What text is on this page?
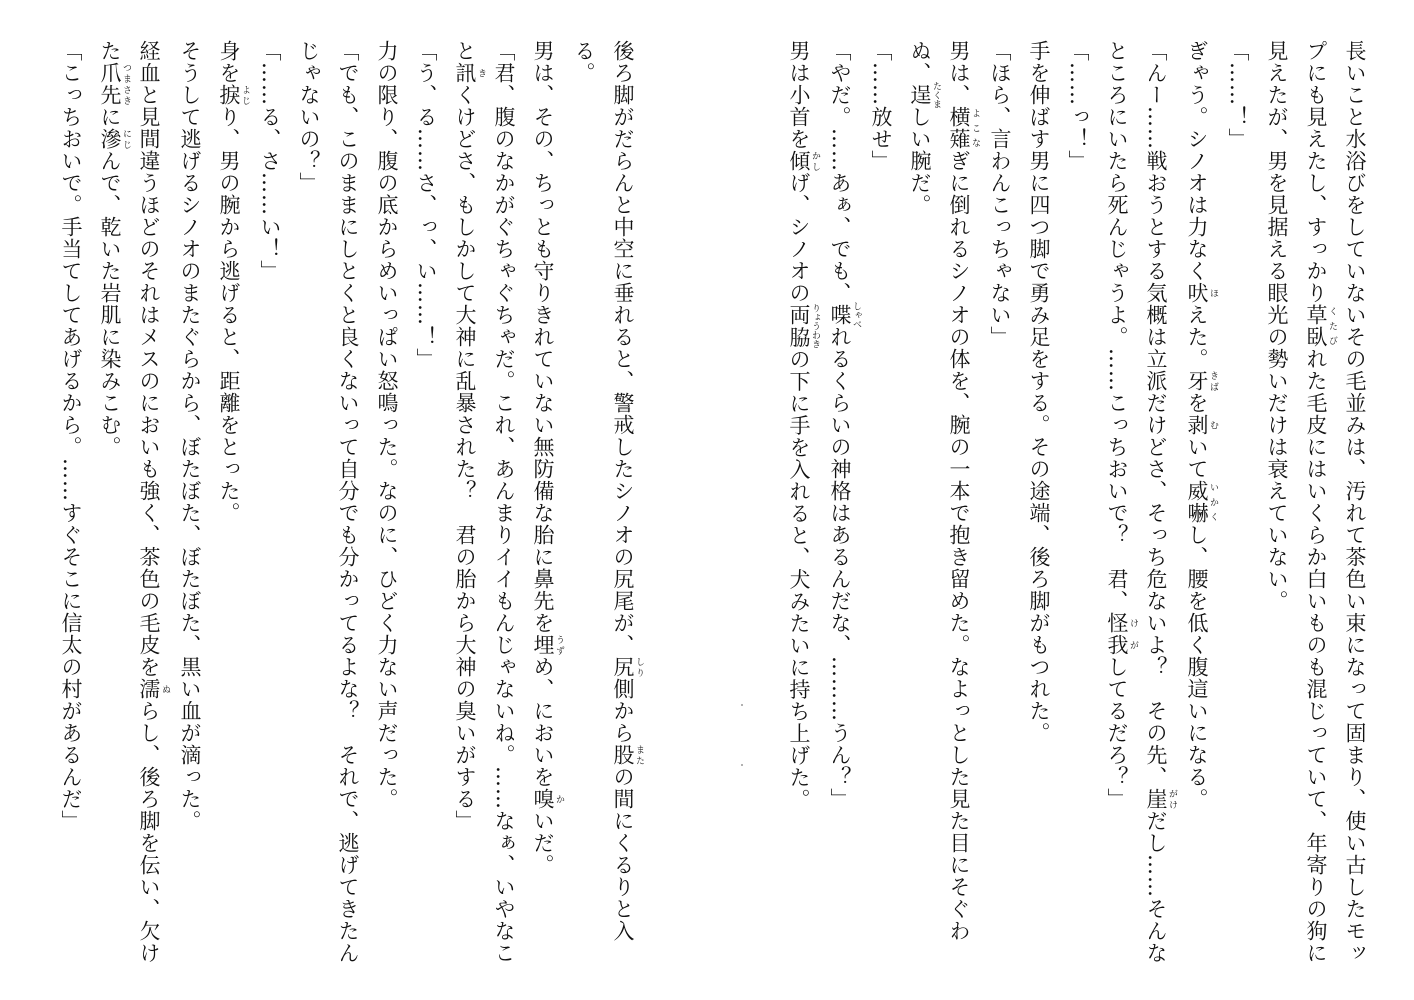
長いこと水浴びをしていないその毛並みは、汚れて茶色い束になって固まり、使い古したモップにも見えたし、すっかり草臥 くたびれた毛皮にはいくらか白いものも混じっていて、年寄りの狗に見えたが、男を見据える眼光の勢いだけは衰えていない。

「……！」

ぎゃう。シノオは力なく吠 ほえた。牙 きばを剥 むいて威嚇 いかくし、腰を低く腹這いになる。

「んー……戦おうとする気概は立派だけどさ、そっち危ないよ？　その先、崖 がけだし……そんなところにいたら死んじゃうよ。……こっちおいで？　君、怪我 けがしてるだろ？」

「……っ！」

手を伸ばす男に四つ脚で勇み足をする。その途端、後ろ脚がもつれた。

「ほら、言わんこっちゃない」

男は、横薙 よこなぎに倒れるシノオの体を、腕の一本で抱き留めた。なよっとした見た目にそぐわぬ、逞 たくましい腕だ。

「……放せ」

「やだ。……あぁ、でも、喋 しゃべれるくらいの神格はあるんだな、………うん？」

男は小首を傾 かしげ、シノオの両脇 りょうわきの下に手を入れると、犬みたいに持ち上げた。

後ろ脚がだらんと中空に垂れると、警戒したシノオの尻尾が、尻 しり側から股 またの間にくるりと入る。

男は、その、ちっとも守りきれていない無防備な胎に鼻先を埋 うずめ、においを嗅 かいだ。

「君、腹のなかがぐちゃぐちゃだ。これ、あんまりイイもんじゃないね。……なぁ、いやなこと訊 きくけどさ、もしかして大神に乱暴された？　君の胎から大神の臭いがする」

「う、る……さ、っ、い……！」

力の限り、腹の底からめいっぱい怒鳴った。なのに、ひどく力ない声だった。

「でも、このままにしとくと良くないって自分でも分かってるよな？　それで、逃げてきたんじゃないの？」

「……る、さ……い！」

身を捩 よじり、男の腕から逃げると、距離をとった。

そうして逃げるシノオのまたぐらから、ぼたぼた、ぼたぼた、黒い血が滴った。

経血と見間違うほどのそれはメスのにおいも強く、茶色の毛皮を濡 ぬらし、後ろ脚を伝い、欠けた爪先 つまさきに滲 にじんで、乾いた岩肌に染みこむ。

「こっちおいで。手当てしてあげるから。……すぐそこに信太の村があるんだ」
